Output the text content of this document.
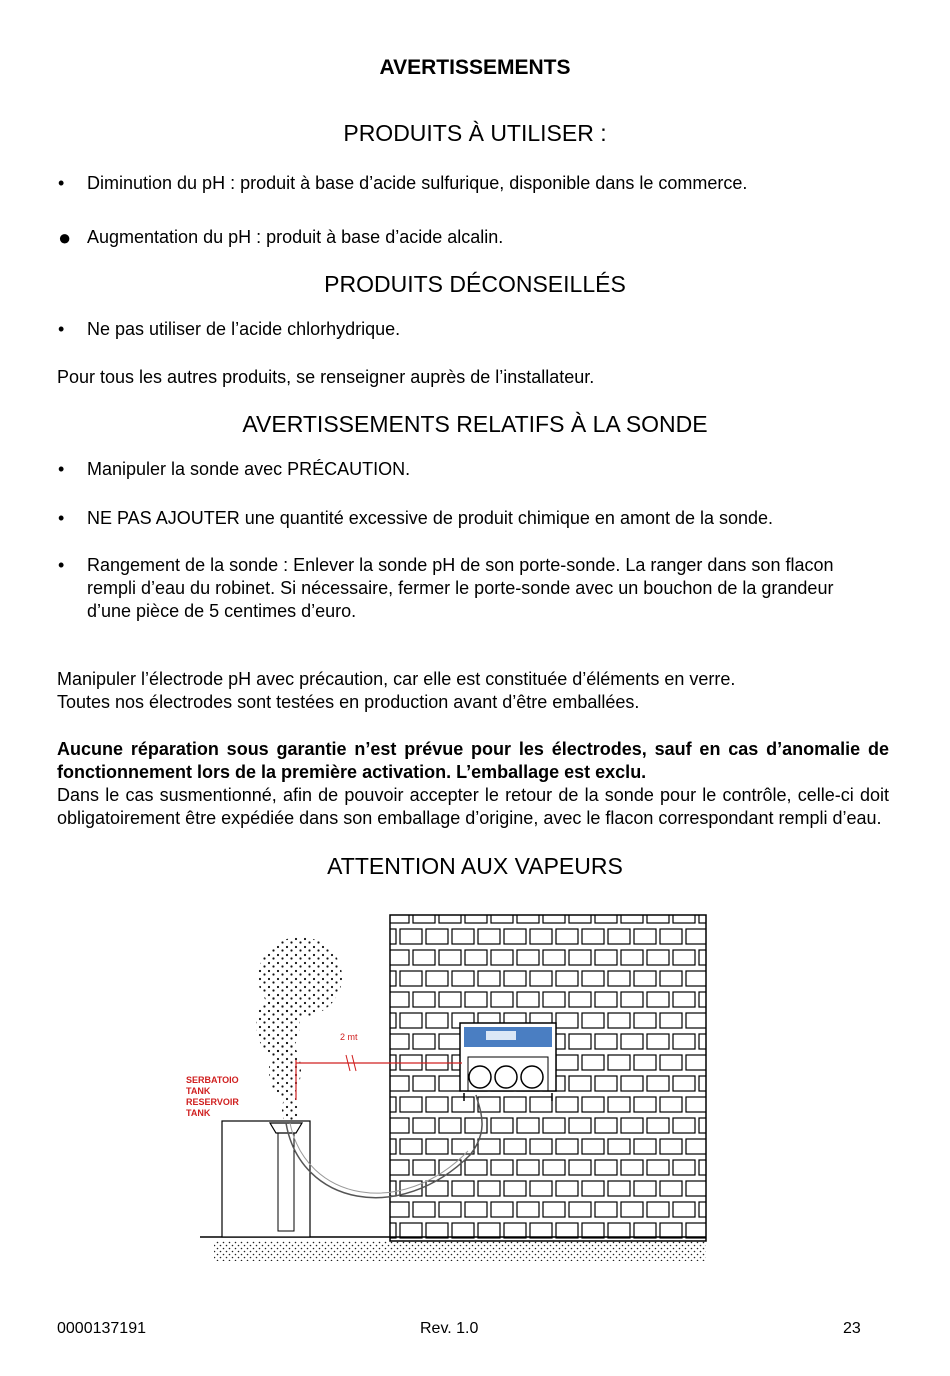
AVERTISSEMENTS
PRODUITS À UTILISER :
• Diminution du pH : produit à base d’acide sulfurique, disponible dans le commerce.
● Augmentation du pH : produit à base d’acide alcalin.
PRODUITS DÉCONSEILLÉS
• Ne pas utiliser de l’acide chlorhydrique.
Pour tous les autres produits, se renseigner auprès de l’installateur.
AVERTISSEMENTS RELATIFS À LA SONDE
• Manipuler la sonde avec PRÉCAUTION.
• NE PAS AJOUTER une quantité excessive de produit chimique en amont de la sonde.
• Rangement de la sonde : Enlever la sonde pH de son porte-sonde. La ranger dans son flacon rempli d’eau du robinet. Si nécessaire, fermer le porte-sonde avec un bouchon de la grandeur d’une pièce de 5 centimes d’euro.
Manipuler l’électrode pH avec précaution, car elle est constituée d’éléments en verre.
Toutes nos électrodes sont testées en production avant d’être emballées.
Aucune réparation sous garantie n’est prévue pour les électrodes, sauf en cas d’anomalie de fonctionnement lors de la première activation. L’emballage est exclu.
Dans le cas susmentionné, afin de pouvoir accepter le retour de la sonde pour le contrôle, celle-ci doit obligatoirement être expédiée dans son emballage d’origine, avec le flacon correspondant rempli d’eau.
ATTENTION AUX VAPEURS
2 mt
SERBATOIO
TANK
RESERVOIR
TANK
0000137191	Rev. 1.0	23
